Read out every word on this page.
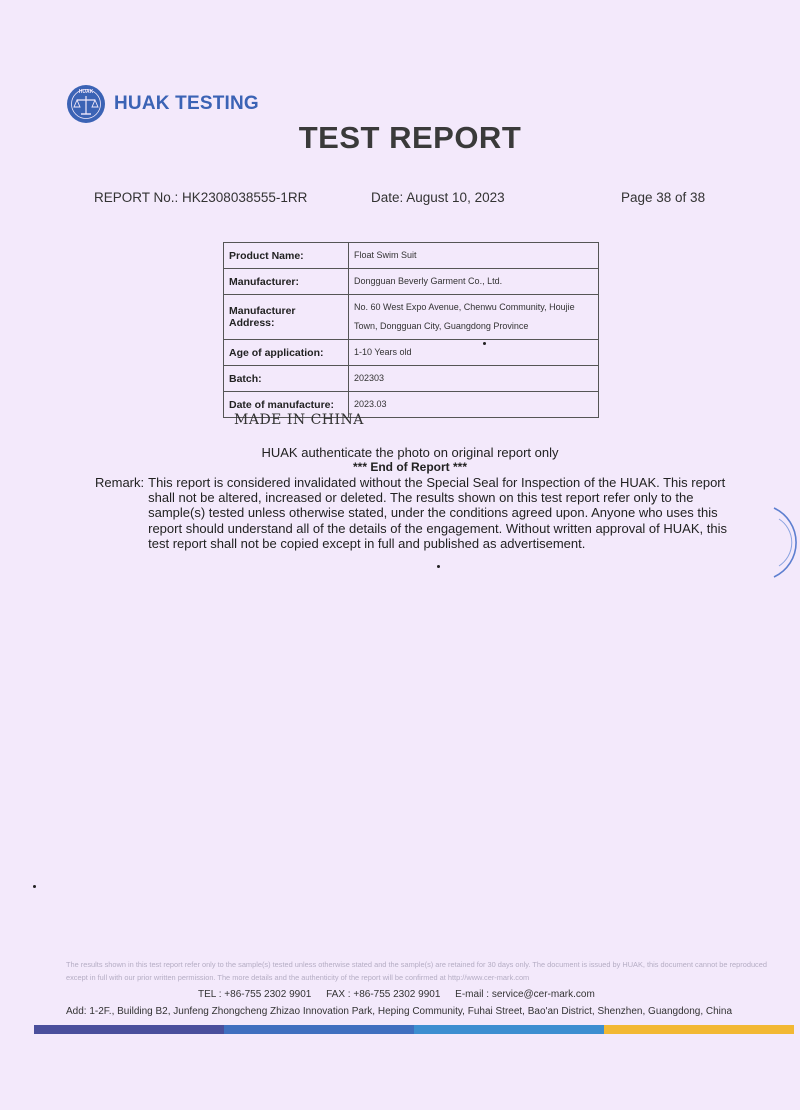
HUAK
HUAK TESTING
TEST REPORT
REPORT No.: HK2308038555-1RR	Date: August 10, 2023	Page 38 of 38
Product Name:	Float Swim Suit
Manufacturer:	Dongguan Beverly Garment Co., Ltd.
Manufacturer Address:	No. 60 West Expo Avenue, Chenwu Community, Houjie Town, Dongguan City, Guangdong Province
Age of application:	1-10 Years old
Batch:	202303
Date of manufacture:	2023.03
MADE IN CHINA
HUAK authenticate the photo on original report only
*** End of Report ***
Remark: This report is considered invalidated without the Special Seal for Inspection of the HUAK. This report shall not be altered, increased or deleted. The results shown on this test report refer only to the sample(s) tested unless otherwise stated, under the conditions agreed upon. Anyone who uses this report should understand all of the details of the engagement. Without written approval of HUAK, this test report shall not be copied except in full and published as advertisement.
The results shown in this test report refer only to the sample(s) tested unless otherwise stated and the sample(s) are retained for 30 days only. The document is issued by HUAK, this document cannot be reproduced except in full with our prior written permission. The more details and the authenticity of the report will be confirmed at http://www.cer-mark.com
TEL : +86-755 2302 9901 FAX : +86-755 2302 9901 E-mail : service@cer-mark.com
Add: 1-2F., Building B2, Junfeng Zhongcheng Zhizao Innovation Park, Heping Community, Fuhai Street, Bao'an District, Shenzhen, Guangdong, China
